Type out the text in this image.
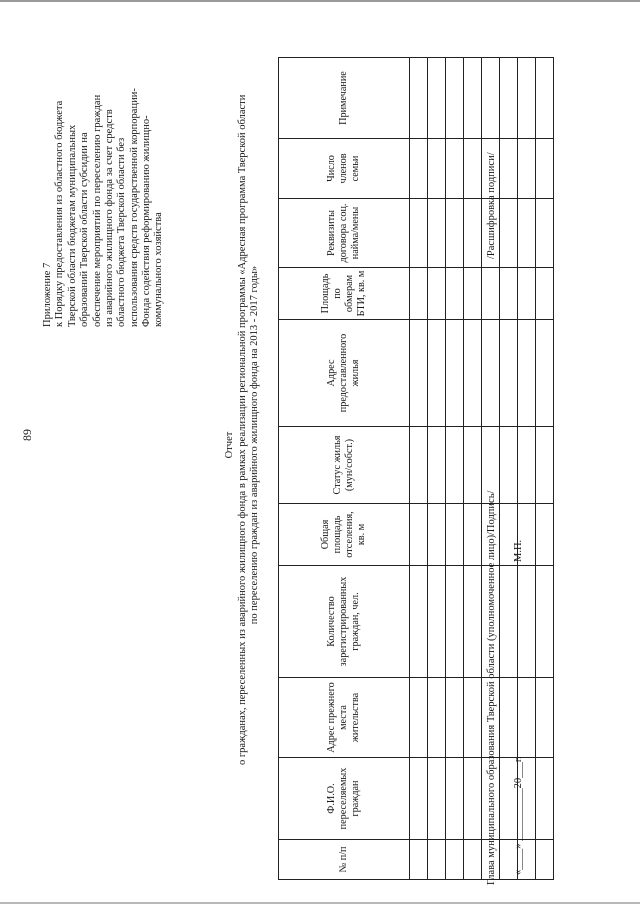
89
Приложение 7 к Порядку предоставления из областного бюджета Тверской области бюджетам муниципальных образований Тверской области субсидии на обеспечение мероприятий по переселению граждан из аварийного жилищного фонда за счет средств областного бюджета Тверской области без использования средств государственной корпорации- Фонда содействия реформированию жилищно- коммунального хозяйства
Отчет о гражданах, переселенных из аварийного жилищного фонда в рамках реализации региональной программы «Адресная программа Тверской области по переселению граждан из аварийного жилищного фонда на 2013 - 2017 годы»
№ п/п	Ф.И.О. переселяемых граждан	Адрес прежнего места жительства	Количество зарегистрированных граждан, чел.	Общая площадь отселения, кв. м	Статус жилья (мун/собст.)	Адрес предоставленного жилья	Площадь по обмерам БТИ, кв. м	Реквизиты договора соц. найма/мены	Число членов семьи	Примечание

Глава муниципального образования Тверской области (уполномоченное лицо)
/Подпись/
/Расшифровка подписи/
«____» __________20___г.
М.П.
